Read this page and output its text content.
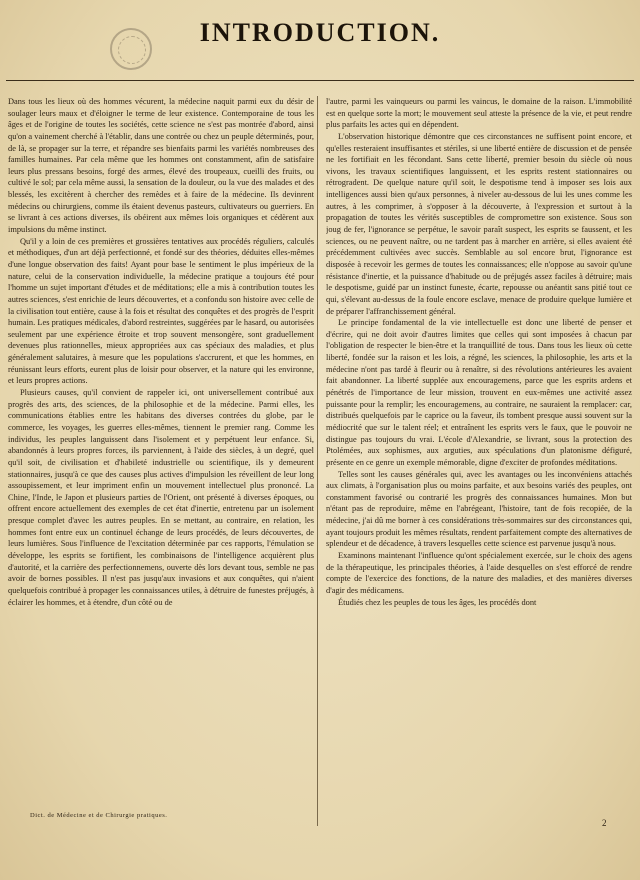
INTRODUCTION.

Dans tous les lieux où des hommes vécurent, la médecine naquit parmi eux du désir de soulager leurs maux et d'éloigner le terme de leur existence. Contemporaine de tous les âges et de l'origine de toutes les sociétés, cette science ne s'est pas montrée d'abord, ainsi qu'on a vainement cherché à l'établir, dans une contrée ou chez un peuple déterminés, pour, de là, se propager sur la terre, et répandre ses bienfaits parmi les variétés nombreuses des familles humaines. Par cela même que les hommes ont constamment, afin de satisfaire leurs plus pressans besoins, forgé des armes, élevé des troupeaux, cueilli des fruits, ou cultivé le sol; par cela même aussi, la sensation de la douleur, ou la vue des malades et des blessés, les excitèrent à chercher des remèdes et à faire de la médecine. Ils devinrent médecins ou chirurgiens, comme ils étaient devenus pasteurs, cultivateurs ou guerriers. En se livrant à ces actions diverses, ils obéirent aux mêmes lois organiques et cédèrent aux impulsions du même instinct.

Qu'il y a loin de ces premières et grossières tentatives aux procédés réguliers, calculés et méthodiques, d'un art déjà perfectionné, et fondé sur des théories, déduites elles-mêmes d'une longue observation des faits! Ayant pour base le sentiment le plus impérieux de la nature, celui de la conservation individuelle, la médecine pratique a toujours été pour l'homme un sujet important d'études et de méditations; elle a mis à contribution toutes les autres sciences, s'est enrichie de leurs découvertes, et a confondu son histoire avec celle de la civilisation tout entière, cause à la fois et résultat des conquêtes et des progrès de l'esprit humain. Les pratiques médicales, d'abord restreintes, suggérées par le hasard, ou autorisées seulement par une expérience étroite et trop souvent mensongère, sont graduellement devenues plus rationnelles, mieux appropriées aux cas spéciaux des maladies, et plus généralement salutaires, à mesure que les populations s'accrurent, et que les hommes, en réunissant leurs efforts, eurent plus de loisir pour observer, et la nature qui les environne, et leurs propres actions.

Plusieurs causes, qu'il convient de rappeler ici, ont universellement contribué aux progrès des arts, des sciences, de la philosophie et de la médecine. Parmi elles, les communications établies entre les habitans des diverses contrées du globe, par le commerce, les voyages, les guerres elles-mêmes, tiennent le premier rang. Comme les individus, les peuples languissent dans l'isolement et y perpétuent leur enfance. Si, abandonnés à leurs propres forces, ils parviennent, à l'aide des siècles, à un degré, quel qu'il soit, de civilisation et d'habileté industrielle ou scientifique, ils y demeurent stationnaires, jusqu'à ce que des causes plus actives d'impulsion les réveillent de leur long assoupissement, et leur impriment enfin un mouvement intellectuel plus prononcé. La Chine, l'Inde, le Japon et plusieurs parties de l'Orient, ont présenté à diverses époques, ou offrent encore actuellement des exemples de cet état d'inertie, entretenu par un isolement presque complet d'avec les autres peuples. En se mettant, au contraire, en relation, les hommes font entre eux un continuel échange de leurs procédés, de leurs découvertes, de leurs lumières. Sous l'influence de l'excitation déterminée par ces rapports, l'émulation se développe, les esprits se fortifient, les combinaisons de l'intelligence acquièrent plus d'autorité, et la carrière des perfectionnemens, ouverte dès lors devant tous, semble ne pas avoir de bornes possibles. Il n'est pas jusqu'aux invasions et aux conquêtes, qui n'aient quelquefois contribué à propager les connaissances utiles, à détruire de funestes préjugés, à éclairer les hommes, et à étendre, d'un côté ou de

l'autre, parmi les vainqueurs ou parmi les vaincus, le domaine de la raison. L'immobilité est en quelque sorte la mort; le mouvement seul atteste la présence de la vie, et peut rendre plus parfaits les actes qui en dépendent.

L'observation historique démontre que ces circonstances ne suffisent point encore, et qu'elles resteraient insuffisantes et stériles, si une liberté entière de discussion et de pensée ne les fortifiait en les fécondant. Sans cette liberté, premier besoin du siècle où nous vivons, les travaux scientifiques languissent, et les esprits restent stationnaires ou rétrogradent. De quelque nature qu'il soit, le despotisme tend à imposer ses lois aux intelligences aussi bien qu'aux personnes, à niveler au-dessous de lui les unes comme les autres, à les comprimer, à s'opposer à la découverte, à l'expression et surtout à la propagation de toutes les vérités susceptibles de compromettre son existence. Sous son joug de fer, l'ignorance se perpétue, le savoir paraît suspect, les esprits se faussent, et les sciences, ou ne peuvent naître, ou ne tardent pas à marcher en arrière, si elles avaient été précédemment cultivées avec succès. Semblable au sol encore brut, l'ignorance est disposée à recevoir les germes de toutes les connaissances; elle n'oppose au savoir qu'une résistance d'inertie, et la puissance d'habitude ou de préjugés assez faciles à détruire; mais le despotisme, guidé par un instinct funeste, écarte, repousse ou anéantit sans pitié tout ce qui, s'élevant au-dessus de la foule encore esclave, menace de produire quelque lumière et de préparer l'affranchissement général.

Le principe fondamental de la vie intellectuelle est donc une liberté de penser et d'écrire, qui ne doit avoir d'autres limites que celles qui sont imposées à chacun par l'obligation de respecter le bien-être et la tranquillité de tous. Dans tous les lieux où cette liberté, fondée sur la raison et les lois, a régné, les sciences, la philosophie, les arts et la médecine n'ont pas tardé à fleurir ou à renaître, si des révolutions antérieures les avaient fait abandonner. La liberté supplée aux encouragemens, parce que les esprits ardens et pénétrés de l'importance de leur mission, trouvent en eux-mêmes une activité assez puissante pour la remplir; les encouragemens, au contraire, ne sauraient la remplacer: car, distribués quelquefois par le caprice ou la faveur, ils tombent presque aussi souvent sur la médiocrité que sur le talent réel; et entraînent les esprits vers le faux, que le pouvoir ne distingue pas toujours du vrai. L'école d'Alexandrie, se livrant, sous la protection des Ptolémées, aux sophismes, aux arguties, aux spéculations d'un platonisme défiguré, présente en ce genre un exemple mémorable, digne d'exciter de profondes méditations.

Telles sont les causes générales qui, avec les avantages ou les inconvéniens attachés aux climats, à l'organisation plus ou moins parfaite, et aux besoins variés des peuples, ont constamment favorisé ou contrarié les progrès des connaissances humaines. Mon but n'étant pas de reproduire, même en l'abrégeant, l'histoire, tant de fois recopiée, de la médecine, j'ai dû me borner à ces considérations très-sommaires sur des circonstances qui, ayant toujours produit les mêmes résultats, rendent parfaitement compte des alternatives de splendeur et de décadence, à travers lesquelles cette science est parvenue jusqu'à nous.

Examinons maintenant l'influence qu'ont spécialement exercée, sur le choix des agens de la thérapeutique, les principales théories, à l'aide desquelles on s'est efforcé de rendre compte de l'exercice des fonctions, de la nature des maladies, et des manières diverses d'agir des médicamens.

Étudiés chez les peuples de tous les âges, les procédés dont

Dict. de Médecine et de Chirurgie pratiques.
2
